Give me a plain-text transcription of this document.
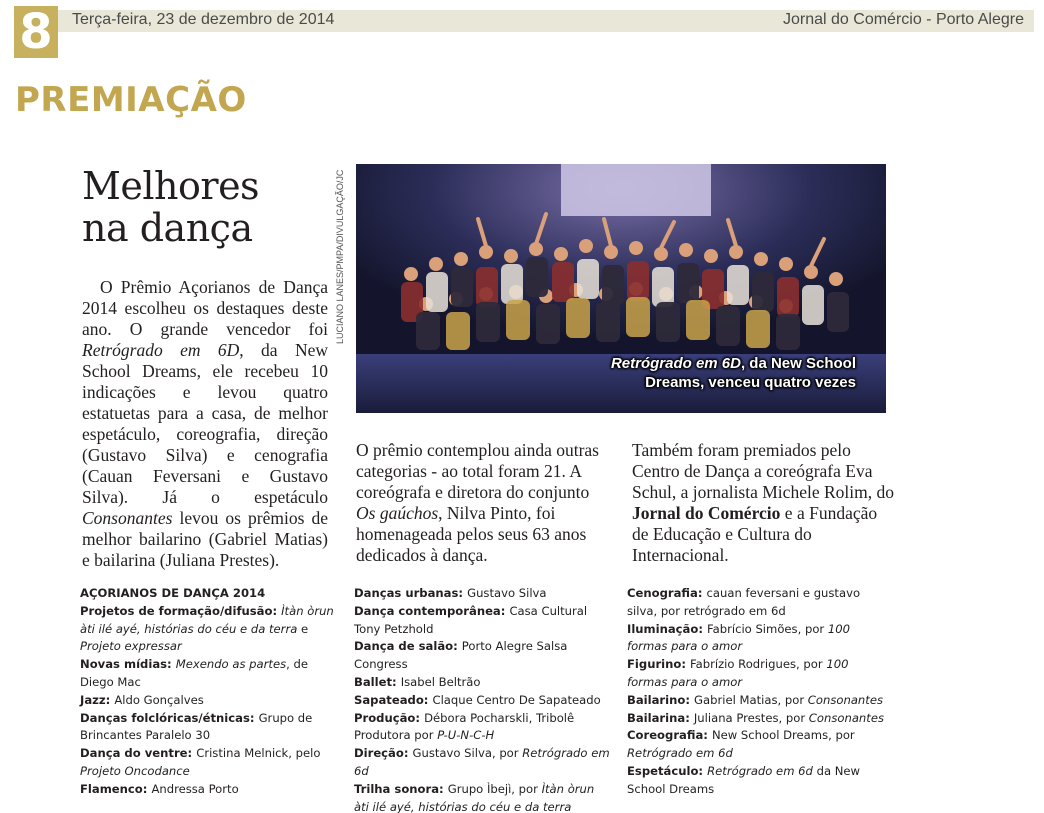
8	Terça-feira, 23 de dezembro de 2014	Jornal do Comércio - Porto Alegre
PREMIAÇÃO
Melhores
na dança
O Prêmio Açorianos de Dança 2014 escolheu os destaques deste ano. O grande vencedor foi Retrógrado em 6D, da New School Dreams, ele recebeu 10 indicações e levou quatro estatuetas para a casa, de melhor espetáculo, coreografia, direção (Gustavo Silva) e cenografia (Cauan Feversani e Gustavo Silva). Já o espetáculo Consonantes levou os prêmios de melhor bailarino (Gabriel Matias) e bailarina (Juliana Prestes).
O prêmio contemplou ainda outras categorias - ao total foram 21. A coreógrafa e diretora do conjunto Os gaúchos, Nilva Pinto, foi homenageada pelos seus 63 anos dedicados à dança.
Também foram premiados pelo Centro de Dança a coreógrafa Eva Schul, a jornalista Michele Rolim, do Jornal do Comércio e a Fundação de Educação e Cultura do Internacional.
LUCIANO LANES/PMPA/DIVULGAÇÃO/JC
Retrógrado em 6D, da New School
Dreams, venceu quatro vezes
AÇORIANOS DE DANÇA 2014
Projetos de formação/difusão: Ìtàn òrun àti ilé ayé, histórias do céu e da terra e Projeto expressar
Novas mídias: Mexendo as partes, de Diego Mac
Jazz: Aldo Gonçalves
Danças folclóricas/étnicas: Grupo de Brincantes Paralelo 30
Dança do ventre: Cristina Melnick, pelo Projeto Oncodance
Flamenco: Andressa Porto
Danças urbanas: Gustavo Silva
Dança contemporânea: Casa Cultural Tony Petzhold
Dança de salão: Porto Alegre Salsa Congress
Ballet: Isabel Beltrão
Sapateado: Claque Centro De Sapateado
Produção: Débora Pocharskli, Tribolê Produtora por P-U-N-C-H
Direção: Gustavo Silva, por Retrógrado em 6d
Trilha sonora: Grupo Ìbejì, por Ìtàn òrun àti ilé ayé, histórias do céu e da terra
Cenografia: cauan feversani e gustavo silva, por retrógrado em 6d
Iluminação: Fabrício Simões, por 100 formas para o amor
Figurino: Fabrízio Rodrigues, por 100 formas para o amor
Bailarino: Gabriel Matias, por Consonantes
Bailarina: Juliana Prestes, por Consonantes
Coreografia: New School Dreams, por Retrógrado em 6d
Espetáculo: Retrógrado em 6d da New School Dreams
